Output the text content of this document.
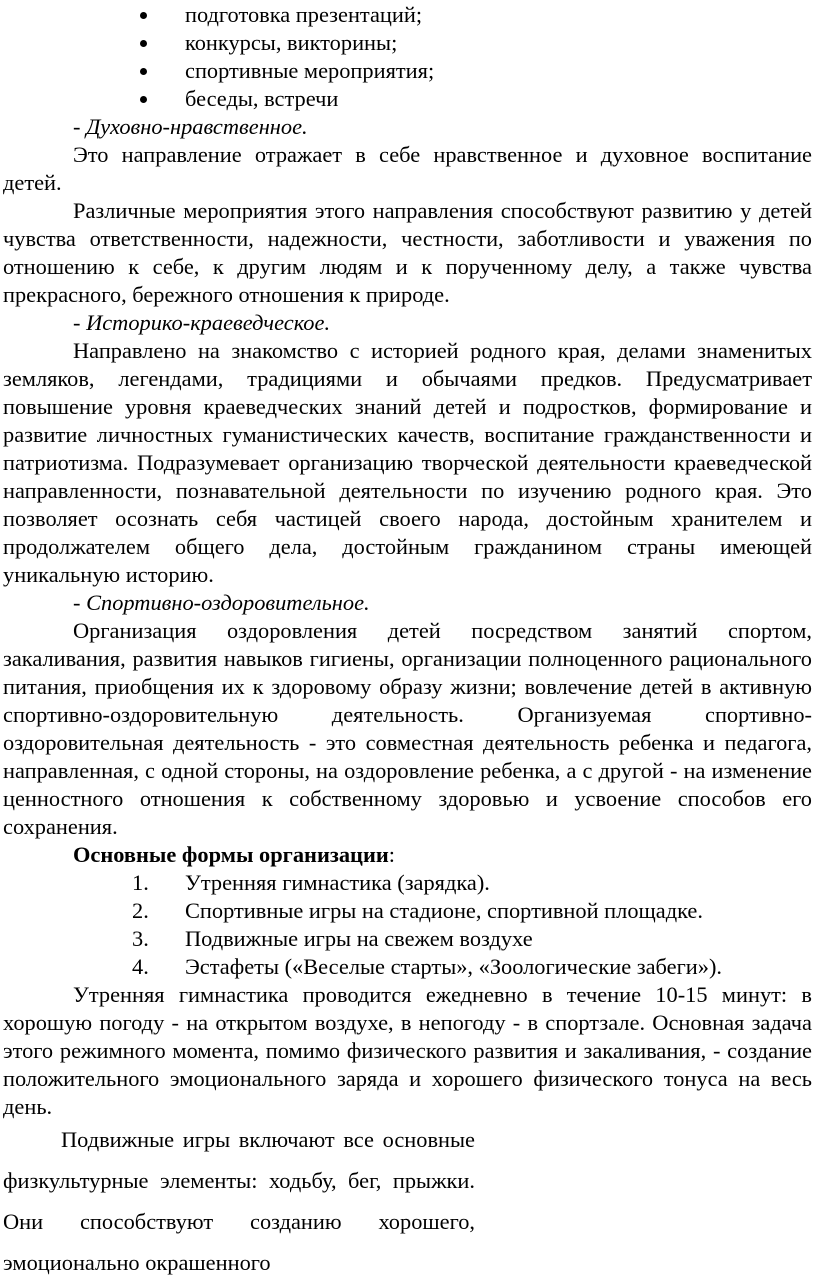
подготовка презентаций;
конкурсы, викторины;
спортивные мероприятия;
беседы, встречи
- Духовно-нравственное.

Это направление отражает в себе нравственное и духовное воспитание детей.

Различные мероприятия этого направления способствуют развитию у детей чувства ответственности, надежности, честности, заботливости и уважения по отношению к себе, к другим людям и к порученному делу, а также чувства прекрасного, бережного отношения к природе.

- Историко-краеведческое.

Направлено на знакомство с историей родного края, делами знаменитых земляков, легендами, традициями и обычаями предков. Предусматривает повышение уровня краеведческих знаний детей и подростков, формирование и развитие личностных гуманистических качеств, воспитание гражданственности и патриотизма. Подразумевает организацию творческой деятельности краеведческой направленности, познавательной деятельности по изучению родного края. Это позволяет осознать себя частицей своего народа, достойным хранителем и продолжателем общего дела, достойным гражданином страны имеющей уникальную историю.

- Спортивно-оздоровительное.

Организация оздоровления детей посредством занятий спортом, закаливания, развития навыков гигиены, организации полноценного рационального питания, приобщения их к здоровому образу жизни; вовлечение детей в активную спортивно-оздоровительную деятельность. Организуемая спортивно-оздоровительная деятельность - это совместная деятельность ребенка и педагога, направленная, с одной стороны, на оздоровление ребенка, а с другой - на изменение ценностного отношения к собственному здоровью и усвоение способов его сохранения.

Основные формы организации:
1. Утренняя гимнастика (зарядка).
2. Спортивные игры на стадионе, спортивной площадке.
3. Подвижные игры на свежем воздухе
4. Эстафеты («Веселые старты», «Зоологические забеги»).

Утренняя гимнастика проводится ежедневно в течение 10-15 минут: в хорошую погоду - на открытом воздухе, в непогоду - в спортзале. Основная задача этого режимного момента, помимо физического развития и закаливания, - создание положительного эмоционального заряда и хорошего физического тонуса на весь день.

Подвижные игры включают все основные физкультурные элементы: ходьбу, бег, прыжки. Они способствуют созданию хорошего, эмоционально окрашенного
